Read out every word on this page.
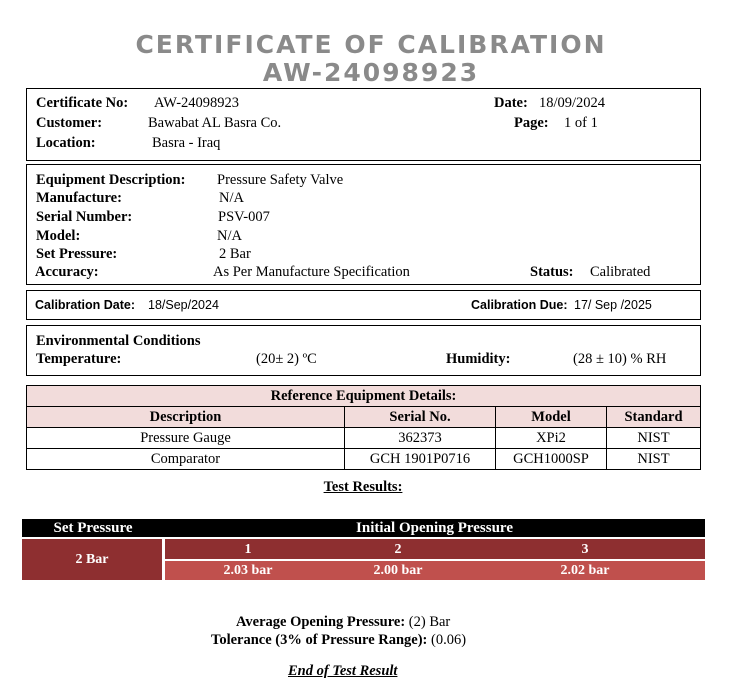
CERTIFICATE OF CALIBRATION
AW-24098923
Certificate No: AW-24098923
Customer:	Bawabat AL Basra Co.
Location:	Basra - Iraq
Date: 18/09/2024
Page: 1 of 1
Equipment Description: Pressure Safety Valve
Manufacture:	N/A
Serial Number:	PSV-007
Model:	N/A
Set Pressure:	2 Bar
Accuracy:	As Per Manufacture Specification	Status: Calibrated
Calibration Date: 18/Sep/2024	Calibration Due: 17/ Sep /2025
Environmental Conditions
Temperature:	(20± 2) ºC	Humidity:	(28 ± 10) % RH
Reference Equipment Details:			
Description	Serial No.	Model	Standard
Pressure Gauge	362373	XPi2	NIST
Comparator	GCH 1901P0716	GCH1000SP	NIST
Test Results:
Set Pressure	Initial Opening Pressure
2 Bar
1	2	3
2.03 bar	2.00 bar	2.02 bar
Average Opening Pressure: (2) Bar
Tolerance (3% of Pressure Range): (0.06)
End of Test Result
